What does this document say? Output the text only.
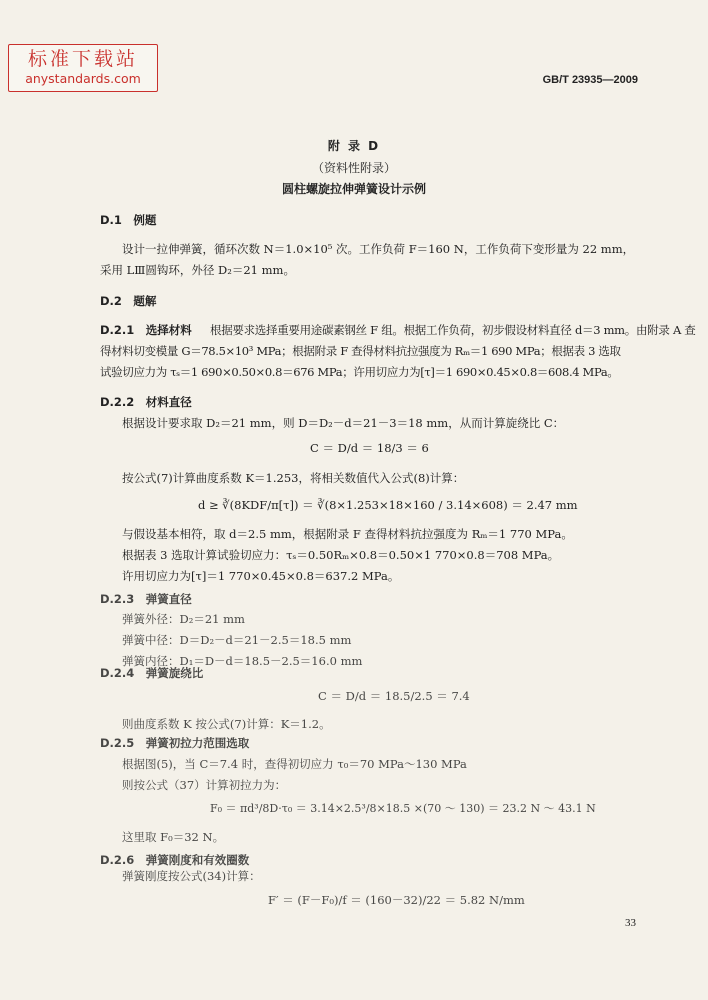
标准下载站
anystandards.com	GB/T 23935—2009
附 录 D
（资料性附录）
圆柱螺旋拉伸弹簧设计示例
D.1　例题
设计一拉伸弹簧，循环次数 N＝1.0×10⁵ 次。工作负荷 F＝160 N，工作负荷下变形量为 22 mm，
采用 LⅢ圆钩环，外径 D₂＝21 mm。
D.2　题解
D.2.1　选择材料 根据要求选择重要用途碳素钢丝 F 组。根据工作负荷，初步假设材料直径 d＝3 mm。由附录 A 查
得材料切变模量 G＝78.5×10³ MPa；根据附录 F 查得材料抗拉强度为 Rₘ＝1 690 MPa；根据表 3 选取
试验切应力为 τₛ＝1 690×0.50×0.8＝676 MPa；许用切应力为[τ]＝1 690×0.45×0.8＝608.4 MPa。
D.2.2　材料直径
根据设计要求取 D₂＝21 mm，则 D＝D₂－d＝21－3＝18 mm，从而计算旋绕比 C：
C ＝ D/d ＝ 18/3 ＝ 6
按公式(7)计算曲度系数 K＝1.253，将相关数值代入公式(8)计算：
d ≥ ∛(8KDF/π[τ]) ＝ ∛(8×1.253×18×160 / 3.14×608) ＝ 2.47 mm
与假设基本相符，取 d＝2.5 mm，根据附录 F 查得材料抗拉强度为 Rₘ＝1 770 MPa。
根据表 3 选取计算试验切应力：τₛ＝0.50Rₘ×0.8＝0.50×1 770×0.8＝708 MPa。
许用切应力为[τ]＝1 770×0.45×0.8＝637.2 MPa。
D.2.3　弹簧直径
弹簧外径：D₂＝21 mm
弹簧中径：D＝D₂－d＝21－2.5＝18.5 mm
弹簧内径：D₁＝D－d＝18.5－2.5＝16.0 mm
D.2.4　弹簧旋绕比
C ＝ D/d ＝ 18.5/2.5 ＝ 7.4
则曲度系数 K 按公式(7)计算：K＝1.2。
D.2.5　弹簧初拉力范围选取
根据图(5)，当 C＝7.4 时，查得初切应力 τ₀＝70 MPa～130 MPa
则按公式（37）计算初拉力为：
F₀ ＝ πd³/8D·τ₀ ＝ 3.14×2.5³/8×18.5 ×(70 ～ 130) ＝ 23.2 N ～ 43.1 N
这里取 F₀＝32 N。
D.2.6　弹簧刚度和有效圈数
弹簧刚度按公式(34)计算：
F′ ＝ (F－F₀)/f ＝ (160－32)/22 ＝ 5.82 N/mm
33
